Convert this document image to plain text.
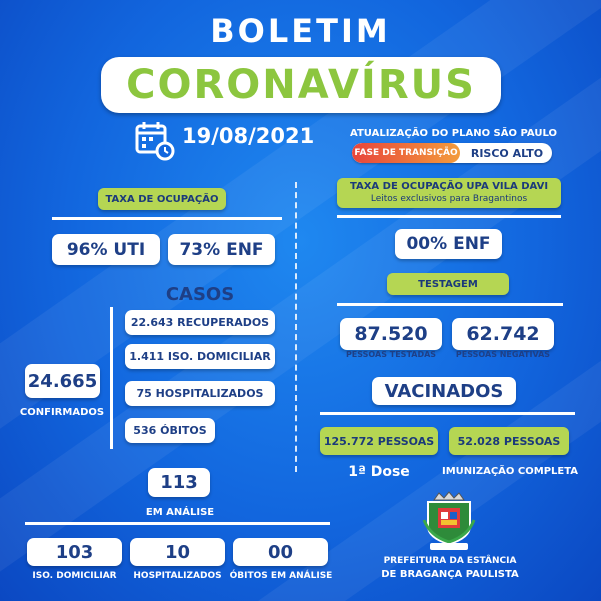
BOLETIM
CORONAVÍRUS
19/08/2021	ATUALIZAÇÃO DO PLANO SÃO PAULO
FASE DE TRANSIÇÃO	RISCO ALTO
TAXA DE OCUPAÇÃO
96% UTI	73% ENF
CASOS
24.665
CONFIRMADOS
22.643 RECUPERADOS
1.411 ISO. DOMICILIAR
75 HOSPITALIZADOS
536 ÓBITOS
TAXA DE OCUPAÇÃO UPA VILA DAVI
Leitos exclusivos para Bragantinos
00% ENF
TESTAGEM
87.520	62.742
PESSOAS TESTADAS	PESSOAS NEGATIVAS
VACINADOS
125.772 PESSOAS	52.028 PESSOAS
1ª Dose	IMUNIZAÇÃO COMPLETA
113
EM ANÁLISE
103	10	00
ISO. DOMICILIAR	HOSPITALIZADOS ÓBITOS EM ANÁLISE
PREFEITURA DA ESTÂNCIA
DE BRAGANÇA PAULISTA
